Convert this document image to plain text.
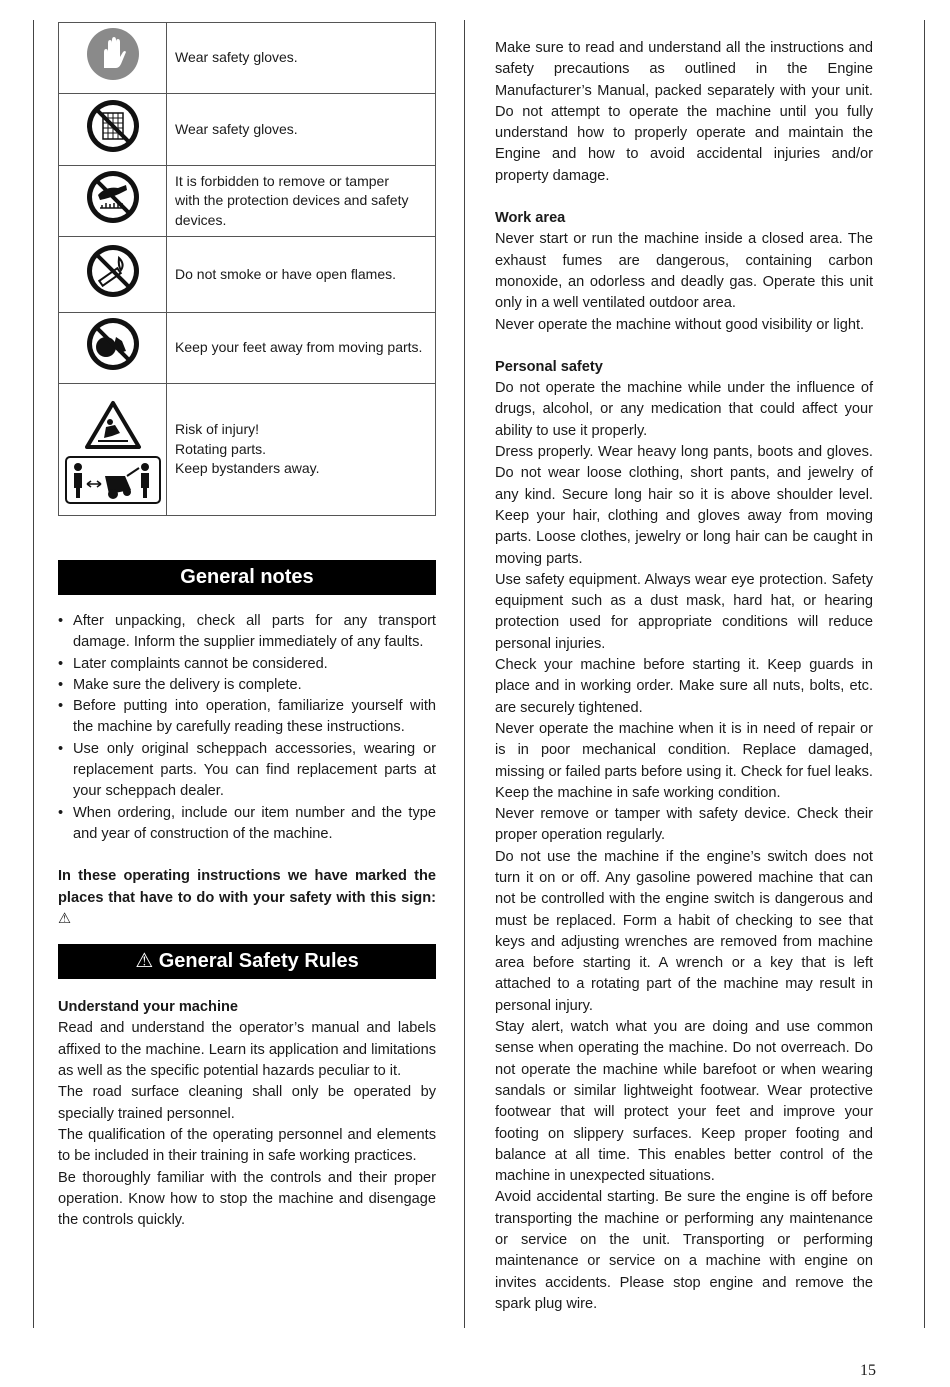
Wear safety gloves.

Wear safety gloves.

It is forbidden to remove or tamper
with the protection devices and safety
devices.

Do not smoke or have open flames.

Keep your feet away from moving parts.

Risk of injury!
Rotating parts.
Keep bystanders away.
General notes
• After unpacking, check all parts for any transport damage. Inform the supplier immediately of any faults.
• Later complaints cannot be considered.
• Make sure the delivery is complete.
• Before putting into operation, familiarize yourself with the machine by carefully reading these instructions.
• Use only original scheppach accessories, wearing or replacement parts. You can find replacement parts at your scheppach dealer.
• When ordering, include our item number and the type and year of construction of the machine.
In these operating instructions we have marked the places that have to do with your safety with this sign: ⚠
⚠ General Safety Rules
Understand your machine
Read and understand the operator’s manual and labels affixed to the machine. Learn its application and limitations as well as the specific potential hazards peculiar to it.
The road surface cleaning shall only be operated by specially trained personnel.
The qualification of the operating personnel and elements to be included in their training in safe working practices.
Be thoroughly familiar with the controls and their proper operation. Know how to stop the machine and disengage the controls quickly.
Make sure to read and understand all the instructions and safety precautions as outlined in the Engine Manufacturer’s Manual, packed separately with your unit. Do not attempt to operate the machine until you fully understand how to properly operate and maintain the Engine and how to avoid accidental injuries and/or property damage.
Work area
Never start or run the machine inside a closed area. The exhaust fumes are dangerous, containing carbon monoxide, an odorless and deadly gas. Operate this unit only in a well ventilated outdoor area.
Never operate the machine without good visibility or light.
Personal safety
Do not operate the machine while under the influence of drugs, alcohol, or any medication that could affect your ability to use it properly.
Dress properly. Wear heavy long pants, boots and gloves. Do not wear loose clothing, short pants, and jewelry of any kind. Secure long hair so it is above shoulder level. Keep your hair, clothing and gloves away from moving parts. Loose clothes, jewelry or long hair can be caught in moving parts.
Use safety equipment. Always wear eye protection. Safety equipment such as a dust mask, hard hat, or hearing protection used for appropriate conditions will reduce personal injuries.
Check your machine before starting it. Keep guards in place and in working order. Make sure all nuts, bolts, etc. are securely tightened.
Never operate the machine when it is in need of repair or is in poor mechanical condition. Replace damaged, missing or failed parts before using it. Check for fuel leaks. Keep the machine in safe working condition.
Never remove or tamper with safety device. Check their proper operation regularly.
Do not use the machine if the engine’s switch does not turn it on or off. Any gasoline powered machine that can not be controlled with the engine switch is dangerous and must be replaced. Form a habit of checking to see that keys and adjusting wrenches are removed from machine area before starting it. A wrench or a key that is left attached to a rotating part of the machine may result in personal injury.
Stay alert, watch what you are doing and use common sense when operating the machine. Do not overreach. Do not operate the machine while barefoot or when wearing sandals or similar lightweight footwear. Wear protective footwear that will protect your feet and improve your footing on slippery surfaces. Keep proper footing and balance at all time. This enables better control of the machine in unexpected situations.
Avoid accidental starting. Be sure the engine is off before transporting the machine or performing any maintenance or service on the unit. Transporting or performing maintenance or service on a machine with engine on invites accidents. Please stop engine and remove the spark plug wire.
15
